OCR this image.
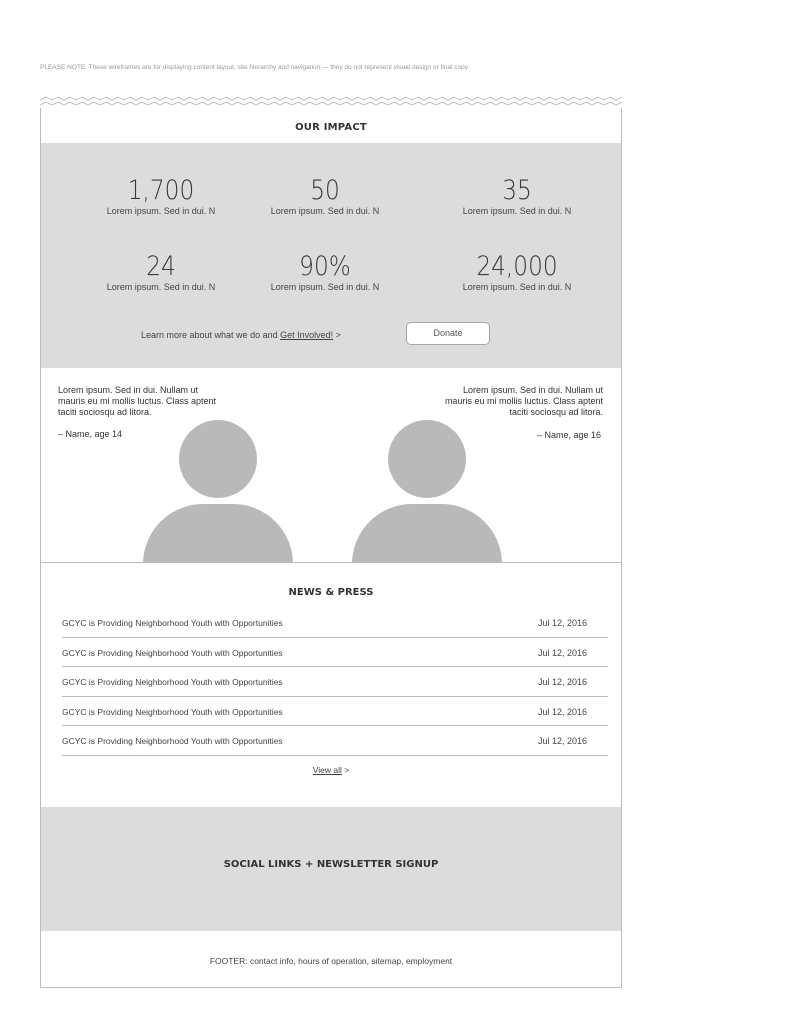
PLEASE NOTE: These wireframes are for displaying content layout, site hierarchy and navigation — they do not represent visual design or final copy
OUR IMPACT
1,700
Lorem ipsum. Sed in dui. N
50
Lorem ipsum. Sed in dui. N
35
Lorem ipsum. Sed in dui. N
24
Lorem ipsum. Sed in dui. N
90%
Lorem ipsum. Sed in dui. N
24,000
Lorem ipsum. Sed in dui. N
Learn more about what we do and Get Involved! >	Donate
Lorem ipsum. Sed in dui. Nullam ut mauris eu mi mollis luctus. Class aptent taciti sociosqu ad litora.
– Name, age 14
Lorem ipsum. Sed in dui. Nullam ut mauris eu mi mollis luctus. Class aptent taciti sociosqu ad litora.
– Name, age 16
NEWS & PRESS
GCYC is Providing Neighborhood Youth with Opportunities	Jul 12, 2016
GCYC is Providing Neighborhood Youth with Opportunities	Jul 12, 2016
GCYC is Providing Neighborhood Youth with Opportunities	Jul 12, 2016
GCYC is Providing Neighborhood Youth with Opportunities	Jul 12, 2016
GCYC is Providing Neighborhood Youth with Opportunities	Jul 12, 2016
View all >
SOCIAL LINKS + NEWSLETTER SIGNUP
FOOTER: contact info, hours of operation, sitemap, employment
